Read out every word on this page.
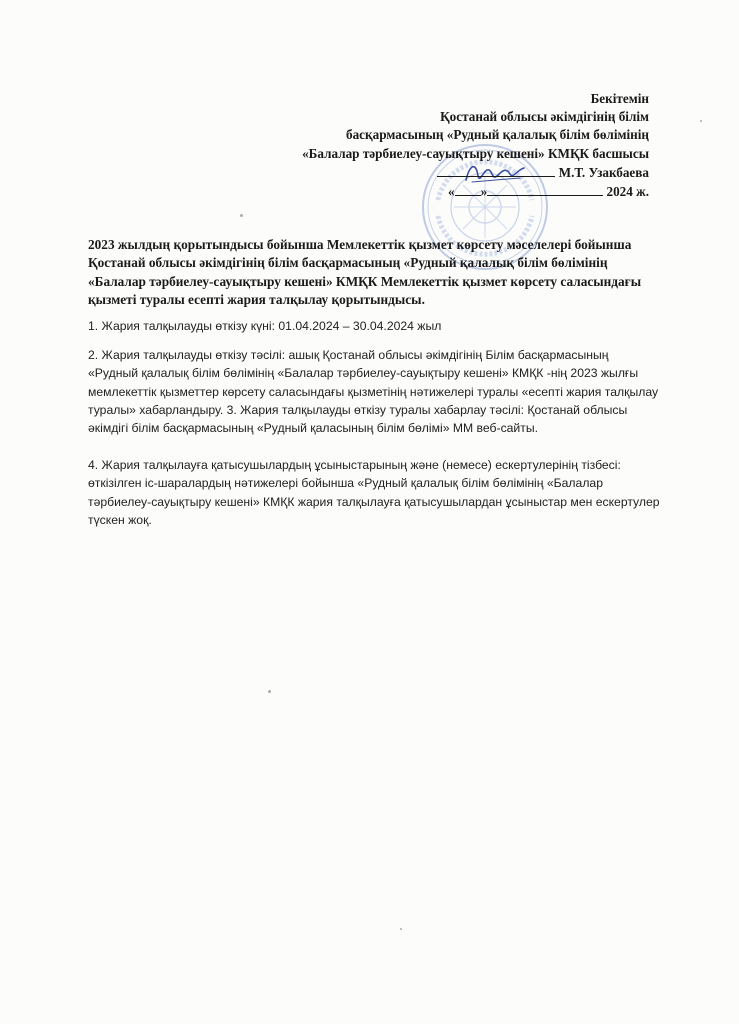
Бекітемін
Қостанай облысы әкімдігінің білім
басқармасының «Рудный қалалық білім бөлімінің
«Балалар тәрбиелеу-сауықтыру кешені» КМҚК басшысы
М.Т. Узакбаева
« »	2024 ж.
2023 жылдың қорытындысы бойынша Мемлекеттік қызмет көрсету мәселелері бойынша Қостанай облысы әкімдігінің білім басқармасының «Рудный қалалық білім бөлімінің «Балалар тәрбиелеу-сауықтыру кешені» КМҚК Мемлекеттік қызмет көрсету саласындағы қызметі туралы есепті жария талқылау қорытындысы.
1. Жария талқылауды өткізу күні: 01.04.2024 – 30.04.2024 жыл
2. Жария талқылауды өткізу тәсілі: ашық Қостанай облысы әкімдігінің Білім басқармасының «Рудный қалалық білім бөлімінің «Балалар тәрбиелеу-сауықтыру кешені» КМҚК -нің 2023 жылғы мемлекеттік қызметтер көрсету саласындағы қызметінің нәтижелері туралы «есепті жария талқылау туралы» хабарландыру. 3. Жария талқылауды өткізу туралы хабарлау тәсілі: Қостанай облысы әкімдігі білім басқармасының «Рудный қаласының білім бөлімі» ММ веб-сайты.
4. Жария талқылауға қатысушылардың ұсыныстарының және (немесе) ескертулерінің тізбесі: өткізілген іс-шаралардың нәтижелері бойынша «Рудный қалалық білім бөлімінің «Балалар тәрбиелеу-сауықтыру кешені» КМҚК жария талқылауға қатысушылардан ұсыныстар мен ескертулер түскен жоқ.
